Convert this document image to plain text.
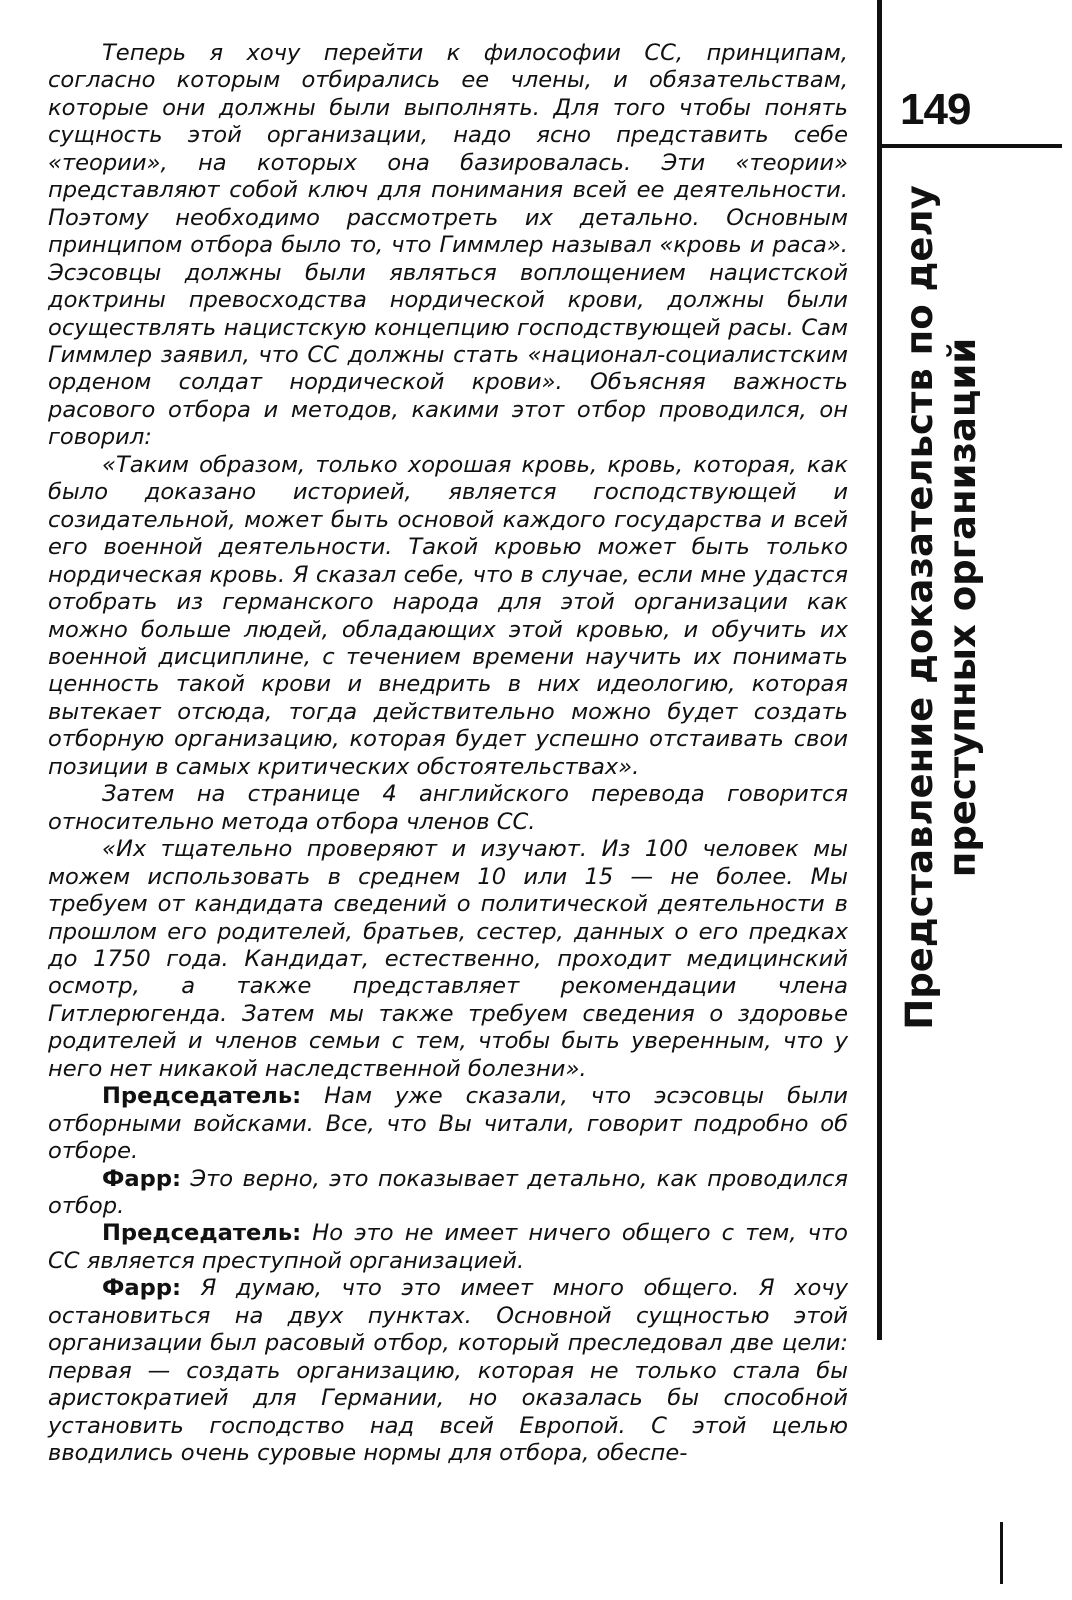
Теперь я хочу перейти к философии СС, принципам, согласно которым отбирались ее члены, и обязательствам, которые они должны были выполнять. Для того чтобы понять сущность этой организации, надо ясно представить себе «теории», на которых она базировалась. Эти «теории» представляют собой ключ для понимания всей ее деятельности. Поэтому необходимо рассмотреть их детально. Основным принципом отбора было то, что Гиммлер называл «кровь и раса». Эсэсовцы должны были являться воплощением нацистской доктрины превосходства нордической крови, должны были осуществлять нацистскую концепцию господствующей расы. Сам Гиммлер заявил, что СС должны стать «национал-социалистским орденом солдат нордической крови». Объясняя важность расового отбора и методов, какими этот отбор проводился, он говорил:

«Таким образом, только хорошая кровь, кровь, которая, как было доказано историей, является господствующей и созидательной, может быть основой каждого государства и всей его военной деятельности. Такой кровью может быть только нордическая кровь. Я сказал себе, что в случае, если мне удастся отобрать из германского народа для этой организации как можно больше людей, обладающих этой кровью, и обучить их военной дисциплине, с течением времени научить их понимать ценность такой крови и внедрить в них идеологию, которая вытекает отсюда, тогда действительно можно будет создать отборную организацию, которая будет успешно отстаивать свои позиции в самых критических обстоятельствах».

Затем на странице 4 английского перевода говорится относительно метода отбора членов СС.

«Их тщательно проверяют и изучают. Из 100 человек мы можем использовать в среднем 10 или 15 — не более. Мы требуем от кандидата сведений о политической деятельности в прошлом его родителей, братьев, сестер, данных о его предках до 1750 года. Кандидат, естественно, проходит медицинский осмотр, а также представляет рекомендации члена Гитлерюгенда. Затем мы также требуем сведения о здоровье родителей и членов семьи с тем, чтобы быть уверенным, что у него нет никакой наследственной болезни».

Председатель: Нам уже сказали, что эсэсовцы были отборными войсками. Все, что Вы читали, говорит подробно об отборе.

Фарр: Это верно, это показывает детально, как проводился отбор.

Председатель: Но это не имеет ничего общего с тем, что СС является преступной организацией.

Фарр: Я думаю, что это имеет много общего. Я хочу остановиться на двух пунктах. Основной сущностью этой организации был расовый отбор, который преследовал две цели: первая — создать организацию, которая не только стала бы аристократией для Германии, но оказалась бы способной установить господство над всей Европой. С этой целью вводились очень суровые нормы для отбора, обеспе-

149
Представление доказательств по делу преступных организаций
